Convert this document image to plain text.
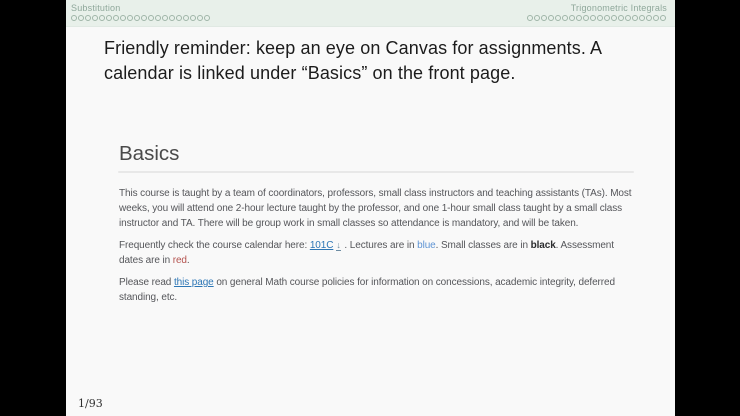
Substitution	Trigonometric Integrals
Friendly reminder: keep an eye on Canvas for assignments. A calendar is linked under “Basics” on the front page.
Basics

This course is taught by a team of coordinators, professors, small class instructors and teaching assistants (TAs). Most weeks, you will attend one 2-hour lecture taught by the professor, and one 1-hour small class taught by a small class instructor and TA. There will be group work in small classes so attendance is mandatory, and will be taken.

Frequently check the course calendar here: 101C ↓ . Lectures are in blue. Small classes are in black. Assessment dates are in red.

Please read this page on general Math course policies for information on concessions, academic integrity, deferred standing, etc.

1/93
